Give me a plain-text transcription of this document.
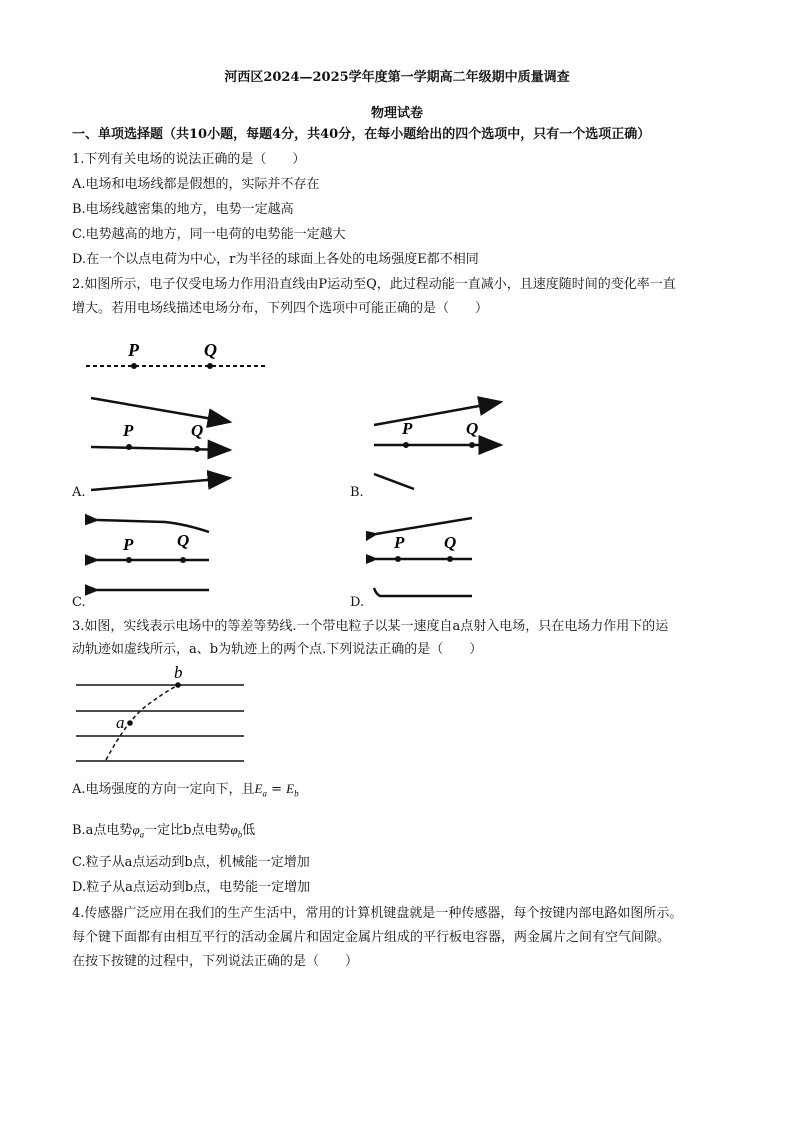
河西区2024—2025学年度第一学期高二年级期中质量调查
物理试卷
一、单项选择题（共10小题，每题4分，共40分，在每小题给出的四个选项中，只有一个选项正确）
1.下列有关电场的说法正确的是（　　）
A.电场和电场线都是假想的，实际并不存在
B.电场线越密集的地方，电势一定越高
C.电势越高的地方，同一电荷的电势能一定越大
D.在一个以点电荷为中心，r为半径的球面上各处的电场强度E都不相同
2.如图所示，电子仅受电场力作用沿直线由P运动至Q，此过程动能一直减小，且速度随时间的变化率一直
增大。若用电场线描述电场分布，下列四个选项中可能正确的是（　　）
P	Q
P	Q
A.
P	Q
B.
P	Q
C.
P Q
D.
3.如图，实线表示电场中的等差等势线.一个带电粒子以某一速度自a点射入电场，只在电场力作用下的运
动轨迹如虚线所示，a、b为轨迹上的两个点.下列说法正确的是（　　）
a
b
A.电场强度的方向一定向下，且$E_a = E_b$
B.a点电势$\varphi_a$一定比b点电势$\varphi_b$低
C.粒子从a点运动到b点，机械能一定增加
D.粒子从a点运动到b点，电势能一定增加
4.传感器广泛应用在我们的生产生活中，常用的计算机键盘就是一种传感器，每个按键内部电路如图所示。
每个键下面都有由相互平行的活动金属片和固定金属片组成的平行板电容器，两金属片之间有空气间隙。
在按下按键的过程中，下列说法正确的是（　　）
